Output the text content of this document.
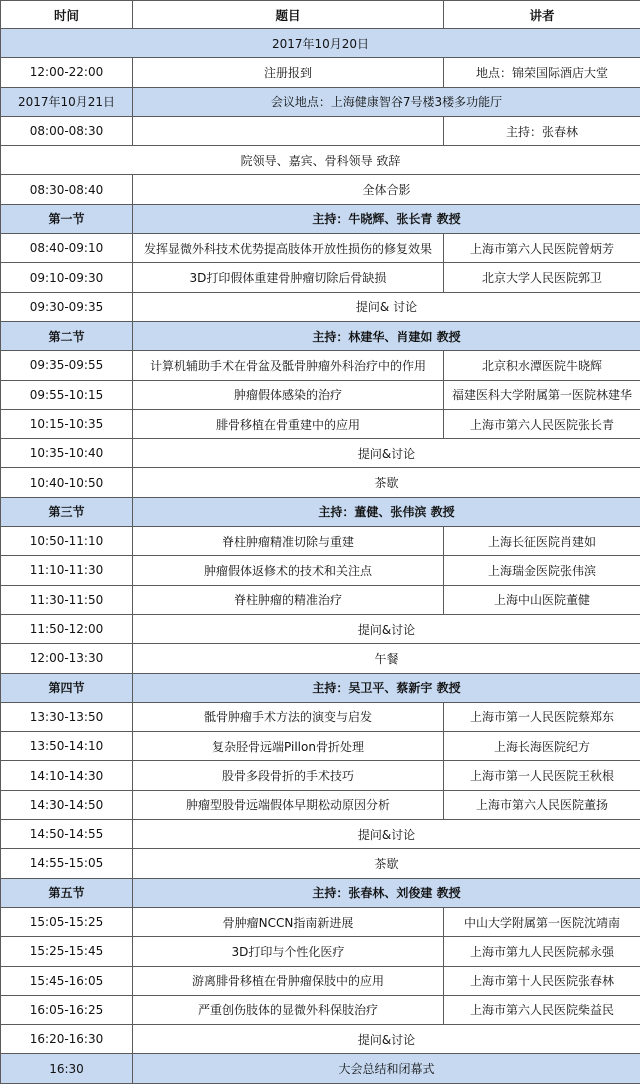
时间	题目	讲者
2017年10月20日		
12:00-22:00	注册报到	地点：锦荣国际酒店大堂
2017年10月21日	会议地点：上海健康智谷7号楼3楼多功能厅	
08:00-08:30		主持：张春林
院领导、嘉宾、骨科领导 致辞		
08:30-08:40	全体合影	
第一节	主持：牛晓辉、张长青 教授	
08:40-09:10	发挥显微外科技术优势提高肢体开放性损伤的修复效果	上海市第六人民医院曾炳芳
09:10-09:30	3D打印假体重建骨肿瘤切除后骨缺损	北京大学人民医院郭卫
09:30-09:35	提问& 讨论	
第二节	主持：林建华、肖建如 教授	
09:35-09:55	计算机辅助手术在骨盆及骶骨肿瘤外科治疗中的作用	北京积水潭医院牛晓辉
09:55-10:15	肿瘤假体感染的治疗	福建医科大学附属第一医院林建华
10:15-10:35	腓骨移植在骨重建中的应用	上海市第六人民医院张长青
10:35-10:40	提问&讨论	
10:40-10:50	茶歇	
第三节	主持：董健、张伟滨 教授	
10:50-11:10	脊柱肿瘤精准切除与重建	上海长征医院肖建如
11:10-11:30	肿瘤假体返修术的技术和关注点	上海瑞金医院张伟滨
11:30-11:50	脊柱肿瘤的精准治疗	上海中山医院董健
11:50-12:00	提问&讨论	
12:00-13:30	午餐	
第四节	主持：吴卫平、蔡新宇 教授	
13:30-13:50	骶骨肿瘤手术方法的演变与启发	上海市第一人民医院蔡郑东
13:50-14:10	复杂胫骨远端Pillon骨折处理	上海长海医院纪方
14:10-14:30	股骨多段骨折的手术技巧	上海市第一人民医院王秋根
14:30-14:50	肿瘤型股骨远端假体早期松动原因分析	上海市第六人民医院董扬
14:50-14:55	提问&讨论	
14:55-15:05	茶歇	
第五节	主持：张春林、刘俊建 教授	
15:05-15:25	骨肿瘤NCCN指南新进展	中山大学附属第一医院沈靖南
15:25-15:45	3D打印与个性化医疗	上海市第九人民医院郝永强
15:45-16:05	游离腓骨移植在骨肿瘤保肢中的应用	上海市第十人民医院张春林
16:05-16:25	严重创伤肢体的显微外科保肢治疗	上海市第六人民医院柴益民
16:20-16:30	提问&讨论	
16:30	大会总结和闭幕式	
